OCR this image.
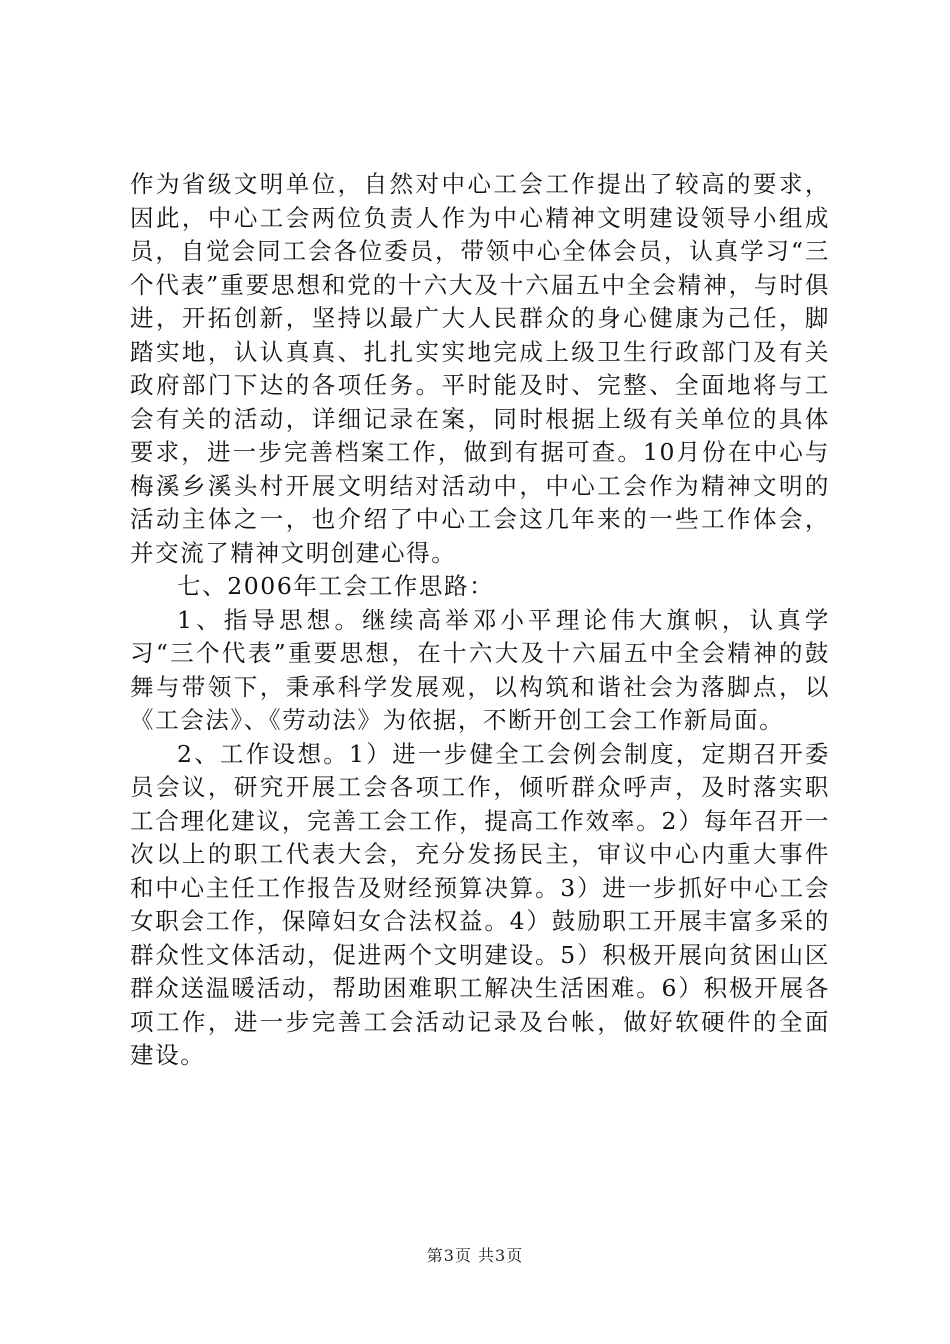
作为省级文明单位，自然对中心工会工作提出了较高的要求，因此，中心工会两位负责人作为中心精神文明建设领导小组成员，自觉会同工会各位委员，带领中心全体会员，认真学习“三个代表”重要思想和党的十六大及十六届五中全会精神，与时俱进，开拓创新，坚持以最广大人民群众的身心健康为己任，脚踏实地，认认真真、扎扎实实地完成上级卫生行政部门及有关政府部门下达的各项任务。平时能及时、完整、全面地将与工会有关的活动，详细记录在案，同时根据上级有关单位的具体要求，进一步完善档案工作，做到有据可查。10月份在中心与梅溪乡溪头村开展文明结对活动中，中心工会作为精神文明的活动主体之一，也介绍了中心工会这几年来的一些工作体会，并交流了精神文明创建心得。

七、2006年工会工作思路：

1、指导思想。继续高举邓小平理论伟大旗帜，认真学习“三个代表”重要思想，在十六大及十六届五中全会精神的鼓舞与带领下，秉承科学发展观，以构筑和谐社会为落脚点，以《工会法》、《劳动法》为依据，不断开创工会工作新局面。

2、工作设想。1）进一步健全工会例会制度，定期召开委员会议，研究开展工会各项工作，倾听群众呼声，及时落实职工合理化建议，完善工会工作，提高工作效率。2）每年召开一次以上的职工代表大会，充分发扬民主，审议中心内重大事件和中心主任工作报告及财经预算决算。3）进一步抓好中心工会女职会工作，保障妇女合法权益。4）鼓励职工开展丰富多采的群众性文体活动，促进两个文明建设。5）积极开展向贫困山区群众送温暖活动，帮助困难职工解决生活困难。6）积极开展各项工作，进一步完善工会活动记录及台帐，做好软硬件的全面建设。

第3页 共3页
